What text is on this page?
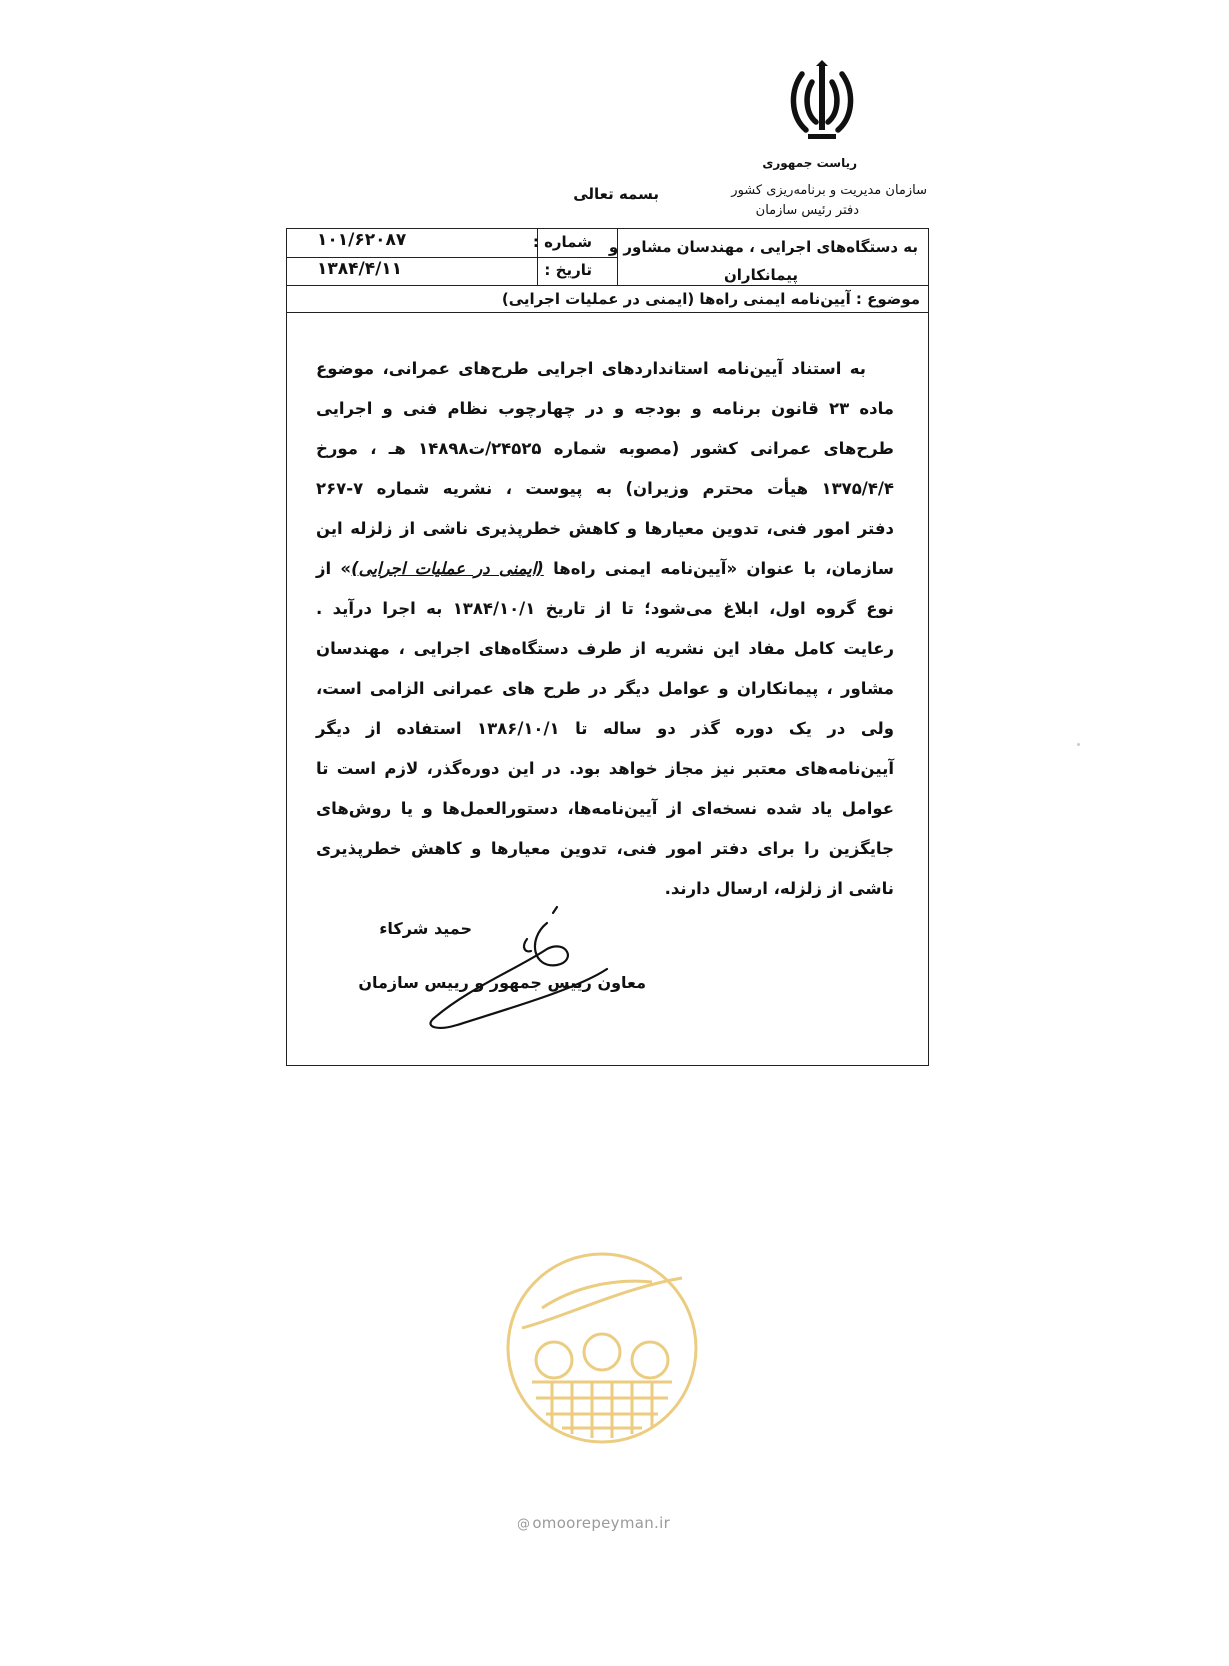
ریاست جمهوری
سازمان مدیریت و برنامه‌ریزی کشور
دفتر رئیس سازمان
بسمه تعالی
به دستگاه‌های اجرایی ، مهندسان مشاور و
پیمانکاران
شماره :
تاریخ :
۱۰۱/۶۲۰۸۷
۱۳۸۴/۴/۱۱
موضوع : آیین‌نامه ایمنی راه‌ها (ایمنی در عملیات اجرایی)
به استناد آیین‌نامه استانداردهای اجرایی طرح‌های عمرانی، موضوع
ماده ۲۳ قانون برنامه و بودجه و در چهارچوب نظام فنی و اجرایی
طرح‌های عمرانی کشور (مصوبه شماره ۲۴۵۲۵/ت۱۴۸۹۸ هـ ، مورخ
۱۳۷۵/۴/۴ هیأت محترم وزیران) به پیوست ، نشریه شماره ۷-۲۶۷
دفتر امور فنی، تدوین معیارها و کاهش خطرپذیری ناشی از زلزله این
سازمان، با عنوان «آیین‌نامه ایمنی راه‌ها (ایمنی در عملیات اجرایی)» از
نوع گروه اول، ابلاغ می‌شود؛ تا از تاریخ ۱۳۸۴/۱۰/۱ به اجرا درآید .
رعایت کامل مفاد این نشریه از طرف دستگاه‌های اجرایی ، مهندسان
مشاور ، پیمانکاران و عوامل دیگر در طرح های عمرانی الزامی است،
ولی در یک دوره گذر دو ساله تا ۱۳۸۶/۱۰/۱ استفاده از دیگر
آیین‌نامه‌های معتبر نیز مجاز خواهد بود. در این دوره‌گذر، لازم است تا
عوامل یاد شده نسخه‌ای از آیین‌نامه‌ها، دستورالعمل‌ها و یا روش‌های
جایگزین را برای دفتر امور فنی، تدوین معیارها و کاهش خطرپذیری
ناشی از زلزله، ارسال دارند.
حمید شرکاء
معاون رییس جمهور و رییس سازمان
@ omoorepeyman.ir
